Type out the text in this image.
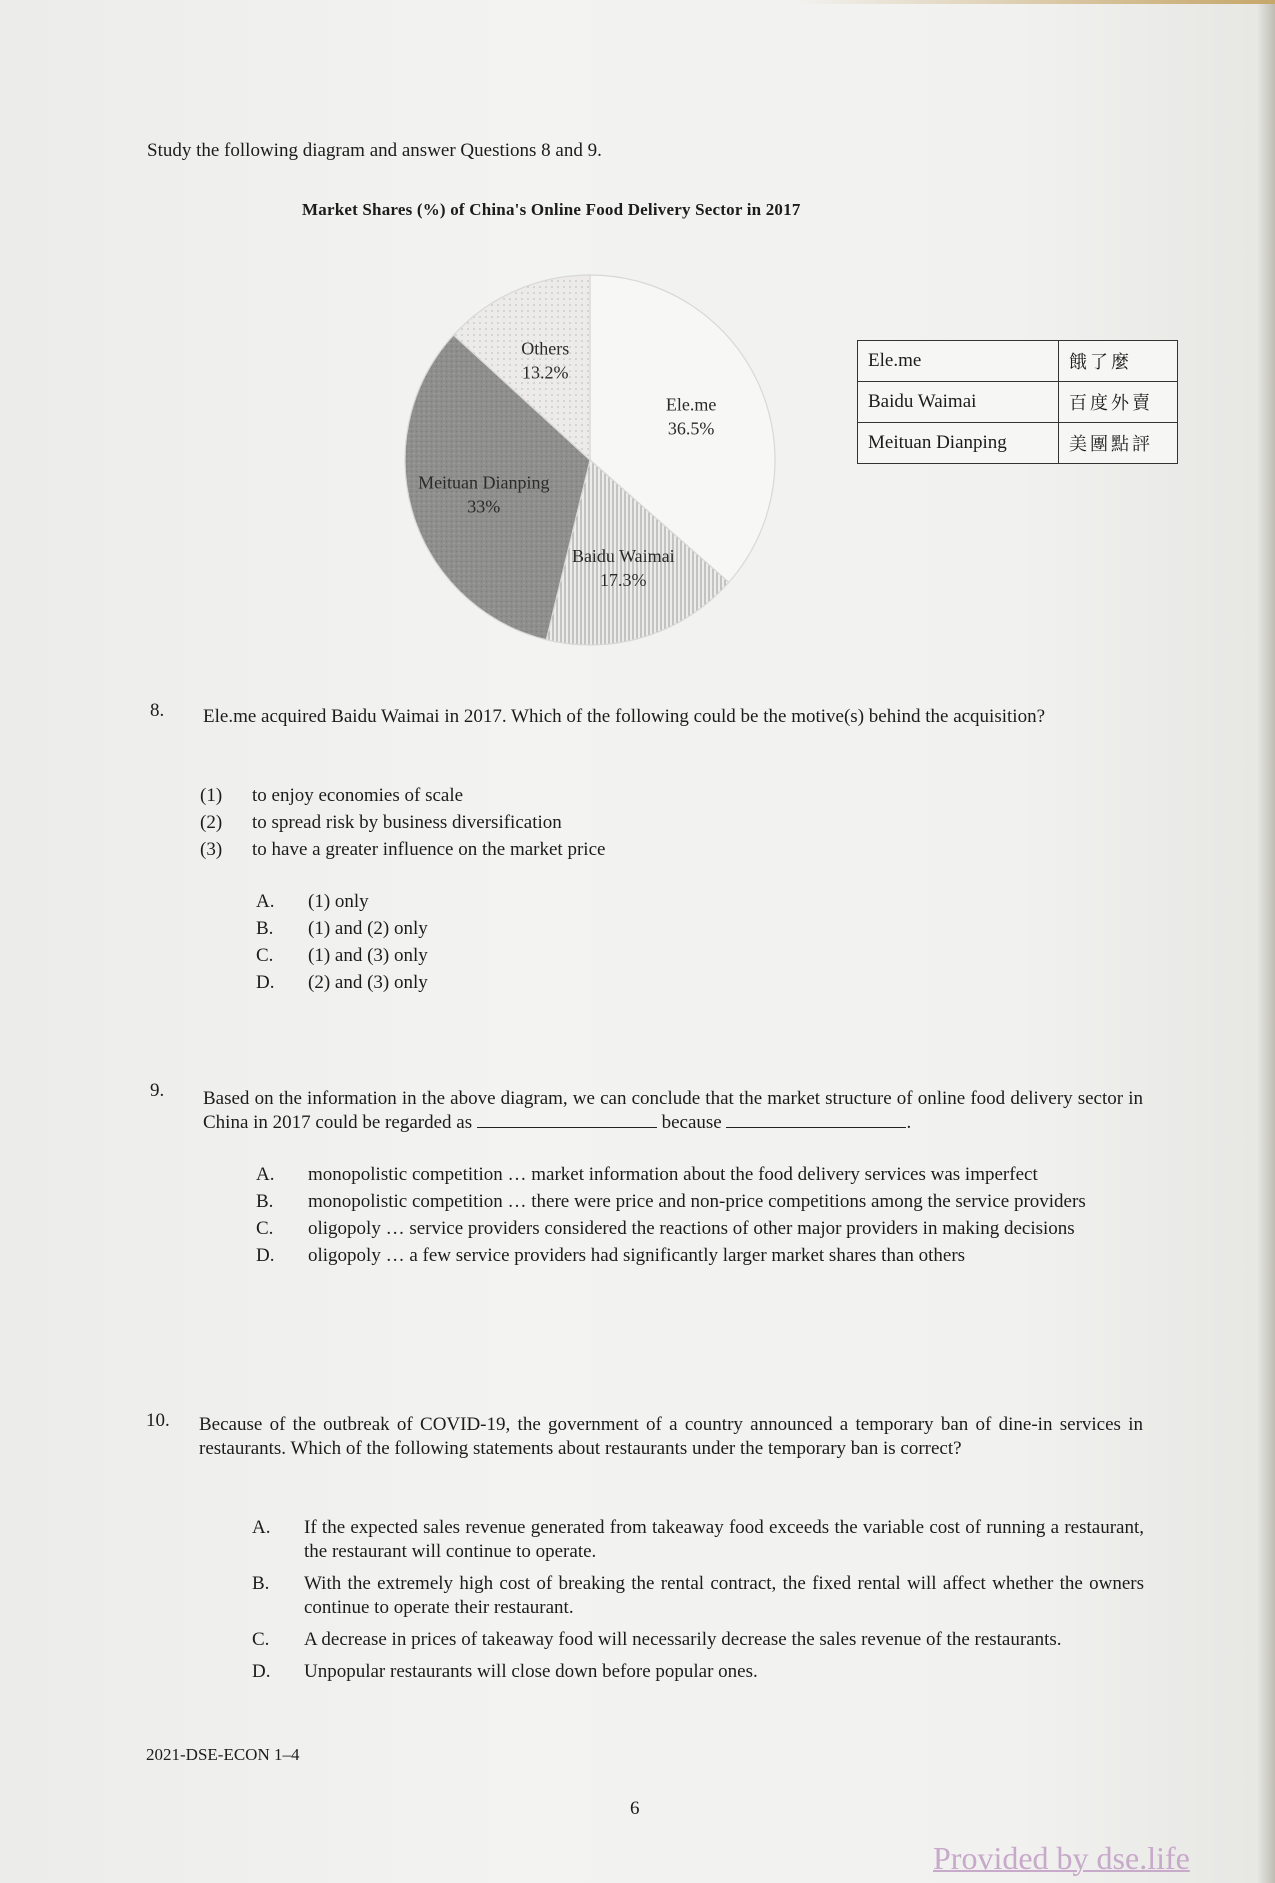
Study the following diagram and answer Questions 8 and 9.
Market Shares (%) of China's Online Food Delivery Sector in 2017
Ele.me
36.5%
Baidu Waimai
17.3%
Meituan Dianping
33%
Others
13.2%
Ele.me	餓了麼
Baidu Waimai	百度外賣
Meituan Dianping	美團點評
8. Ele.me acquired Baidu Waimai in 2017. Which of the following could be the motive(s) behind the acquisition?
(1) to enjoy economies of scale
(2) to spread risk by business diversification
(3) to have a greater influence on the market price
A. (1) only
B. (1) and (2) only
C. (1) and (3) only
D. (2) and (3) only
9. Based on the information in the above diagram, we can conclude that the market structure of online food delivery sector in China in 2017 could be regarded as	because	.
A.	monopolistic competition … market information about the food delivery services was imperfect
B.	monopolistic competition … there were price and non-price competitions among the service providers
C.	oligopoly … service providers considered the reactions of other major providers in making decisions
D.	oligopoly … a few service providers had significantly larger market shares than others
10. Because of the outbreak of COVID-19, the government of a country announced a temporary ban of dine-in services in restaurants. Which of the following statements about restaurants under the temporary ban is correct?
A.	If the expected sales revenue generated from takeaway food exceeds the variable cost of running a restaurant, the restaurant will continue to operate.
B.	With the extremely high cost of breaking the rental contract, the fixed rental will affect whether the owners continue to operate their restaurant.
C.	A decrease in prices of takeaway food will necessarily decrease the sales revenue of the restaurants.
D.	Unpopular restaurants will close down before popular ones.
2021-DSE-ECON 1–4
6
Provided by dse.life
